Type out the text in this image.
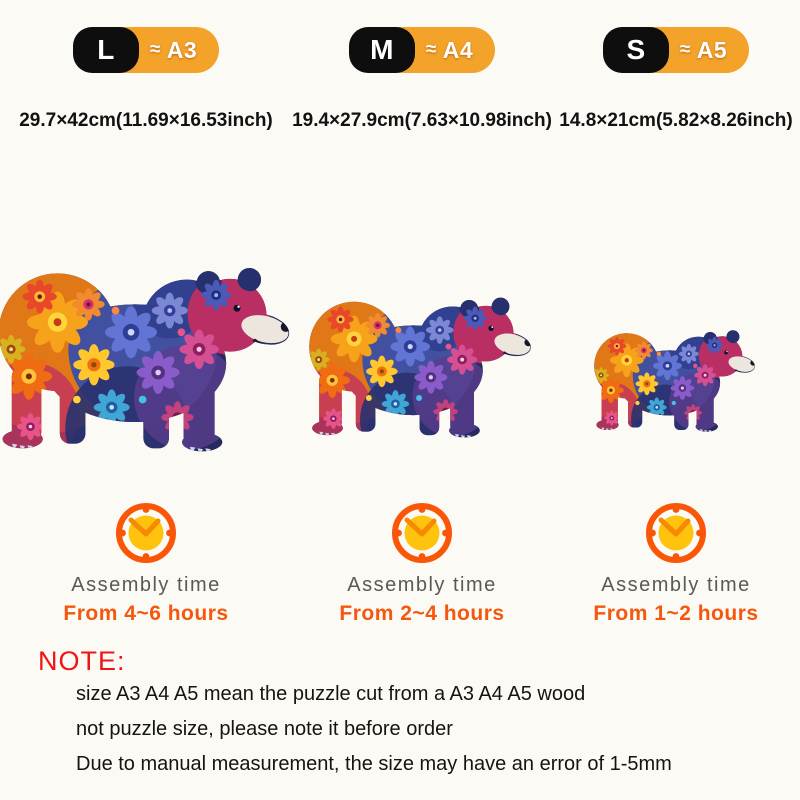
L	≈ A3	M	≈ A4	S	≈ A5
29.7×42cm(11.69×16.53inch) 19.4×27.9cm(7.63×10.98inch) 14.8×21cm(5.82×8.26inch)
Assembly time
From 4~6 hours
Assembly time
From 2~4 hours
Assembly time
From 1~2 hours
NOTE:
size A3 A4 A5 mean the puzzle cut from a A3 A4 A5 wood
not puzzle size, please note it before order
Due to manual measurement, the size may have an error of 1-5mm
